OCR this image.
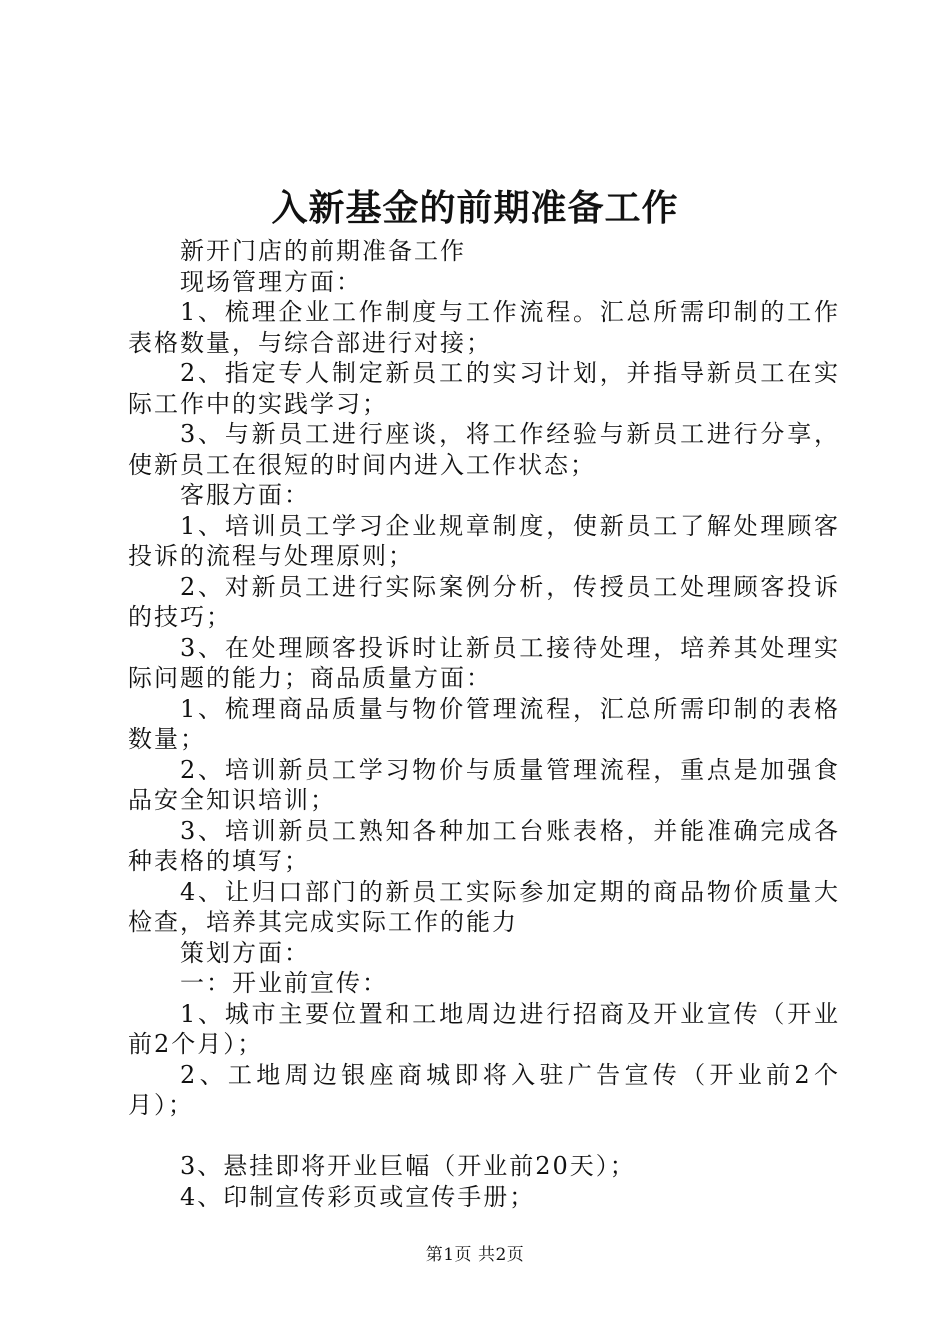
入新基金的前期准备工作

新开门店的前期准备工作

现场管理方面：

1、梳理企业工作制度与工作流程。汇总所需印制的工作表格数量，与综合部进行对接；

2、指定专人制定新员工的实习计划，并指导新员工在实际工作中的实践学习；

3、与新员工进行座谈，将工作经验与新员工进行分享，使新员工在很短的时间内进入工作状态；

客服方面：

1、培训员工学习企业规章制度，使新员工了解处理顾客投诉的流程与处理原则；

2、对新员工进行实际案例分析，传授员工处理顾客投诉的技巧；

3、在处理顾客投诉时让新员工接待处理，培养其处理实际问题的能力；商品质量方面：

1、梳理商品质量与物价管理流程，汇总所需印制的表格数量；

2、培训新员工学习物价与质量管理流程，重点是加强食品安全知识培训；

3、培训新员工熟知各种加工台账表格，并能准确完成各种表格的填写；

4、让归口部门的新员工实际参加定期的商品物价质量大检查，培养其完成实际工作的能力

策划方面：

一：开业前宣传：

1、城市主要位置和工地周边进行招商及开业宣传（开业前2个月）；

2、工地周边银座商城即将入驻广告宣传（开业前2个月）；

3、悬挂即将开业巨幅（开业前20天）；

4、印制宣传彩页或宣传手册；

第1页 共2页
